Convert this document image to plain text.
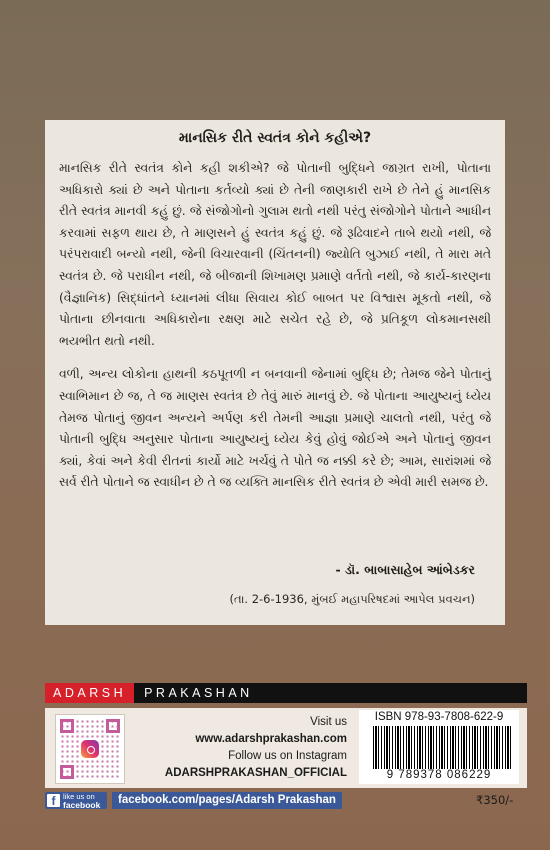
માનસિક રીતે સ્વતંત્ર કોને કહીએ?

માનસિક રીતે સ્વતંત્ર કોને કહી શકીએ? જે પોતાની બુદ્ધિને જાગ્રત રાખી, પોતાના અધિકારો ક્યાં છે અને પોતાના કર્તવ્યો ક્યાં છે તેની જાણકારી રાખે છે તેને હું માનસિક રીતે સ્વતંત્ર માનવી કહું છું. જે સંજોગોનો ગુલામ થતો નથી પરંતુ સંજોગોને પોતાને આધીન કરવામાં સફળ થાય છે, તે માણસને હું સ્વતંત્ર કહું છું. જે રૂઢિવાદને તાબે થયો નથી, જે પરંપરાવાદી બન્યો નથી, જેની વિચારવાની (ચિંતનની) જ્યોતિ બુઝાઈ નથી, તે મારા મતે સ્વતંત્ર છે. જે પરાધીન નથી, જે બીજાની શિખામણ પ્રમાણે વર્તતો નથી, જે કાર્ય-કારણના (વૈજ્ઞાનિક) સિદ્ધાંતને ધ્યાનમાં લીધા સિવાય કોઈ બાબત પર વિશ્વાસ મૂકતો નથી, જે પોતાના છીનવાતા અધિકારોના રક્ષણ માટે સચેત રહે છે, જે પ્રતિકૂળ લોકમાનસથી ભયભીત થતો નથી.

વળી, અન્ય લોકોના હાથની કઠપૂતળી ન બનવાની જેનામાં બુદ્ધિ છે; તેમજ જેને પોતાનું સ્વાભિમાન છે જ, તે જ માણસ સ્વતંત્ર છે તેવું મારું માનવું છે. જે પોતાના આયુષ્યનું ધ્યેય તેમજ પોતાનું જીવન અન્યને અર્પણ કરી તેમની આજ્ઞા પ્રમાણે ચાલતો નથી, પરંતુ જે પોતાની બુદ્ધિ અનુસાર પોતાના આયુષ્યનું ધ્યેય કેવું હોવું જોઈએ અને પોતાનું જીવન ક્યાં, કેવાં અને કેવી રીતનાં કાર્યો માટે ખર્ચવું તે પોતે જ નક્કી કરે છે; આમ, સારાંશમાં જે સર્વ રીતે પોતાને જ સ્વાધીન છે તે જ વ્યક્તિ માનસિક રીતે સ્વતંત્ર છે એવી મારી સમજ છે.

- ડૉ. બાબાસાહેબ આંબેડકર
(તા. 2-6-1936, મુંબઈ મહાપરિષદમાં આપેલ પ્રવચન)
ADARSH	PRAKASHAN
Visit us
www.adarshprakashan.com
Follow us on Instagram
ADARSHPRAKASHAN_OFFICIAL
ISBN 978-93-7808-622-9
9 789378 086229
f	like us on
facebook	facebook.com/pages/Adarsh Prakashan	₹350/-
